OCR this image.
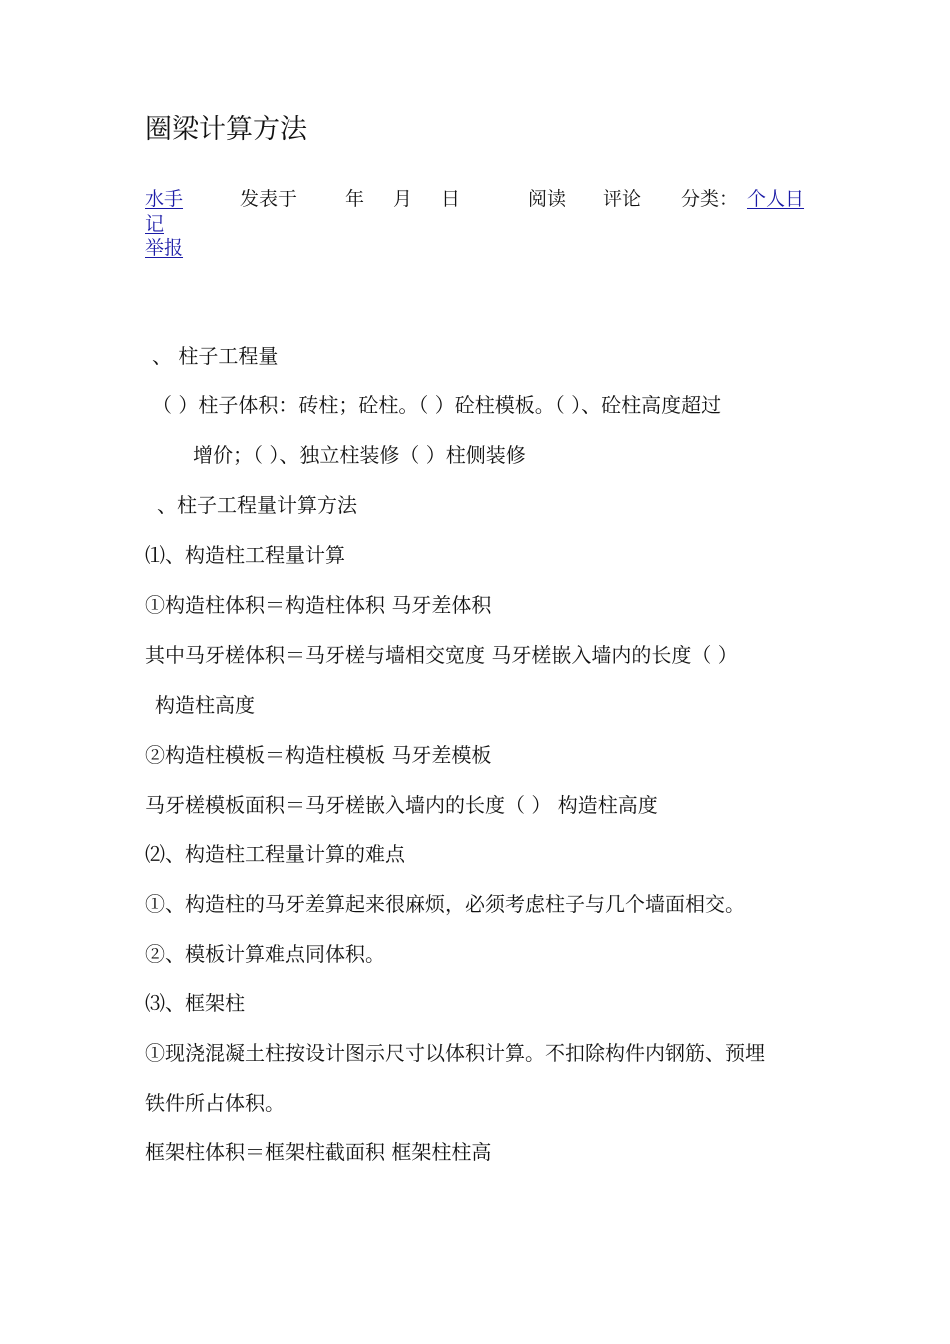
圈梁计算方法
水手	发表于	年 月 日	阅读 评论 分类： 个人日
记
举报
、 柱子工程量
（ ）柱子体积：砖柱；砼柱。（ ）砼柱模板。（ ）、砼柱高度超过
增价；（ ）、独立柱装修（ ）柱侧装修
、柱子工程量计算方法
⑴、构造柱工程量计算
①构造柱体积＝构造柱体积 马牙差体积
其中马牙槎体积＝马牙槎与墙相交宽度 马牙槎嵌入墙内的长度（ ）
构造柱高度
②构造柱模板＝构造柱模板 马牙差模板
马牙槎模板面积＝马牙槎嵌入墙内的长度（ ） 构造柱高度
⑵、构造柱工程量计算的难点
①、构造柱的马牙差算起来很麻烦，必须考虑柱子与几个墙面相交。
②、模板计算难点同体积。
⑶、框架柱
①现浇混凝土柱按设计图示尺寸以体积计算。不扣除构件内钢筋、预埋
铁件所占体积。
框架柱体积＝框架柱截面积 框架柱柱高
